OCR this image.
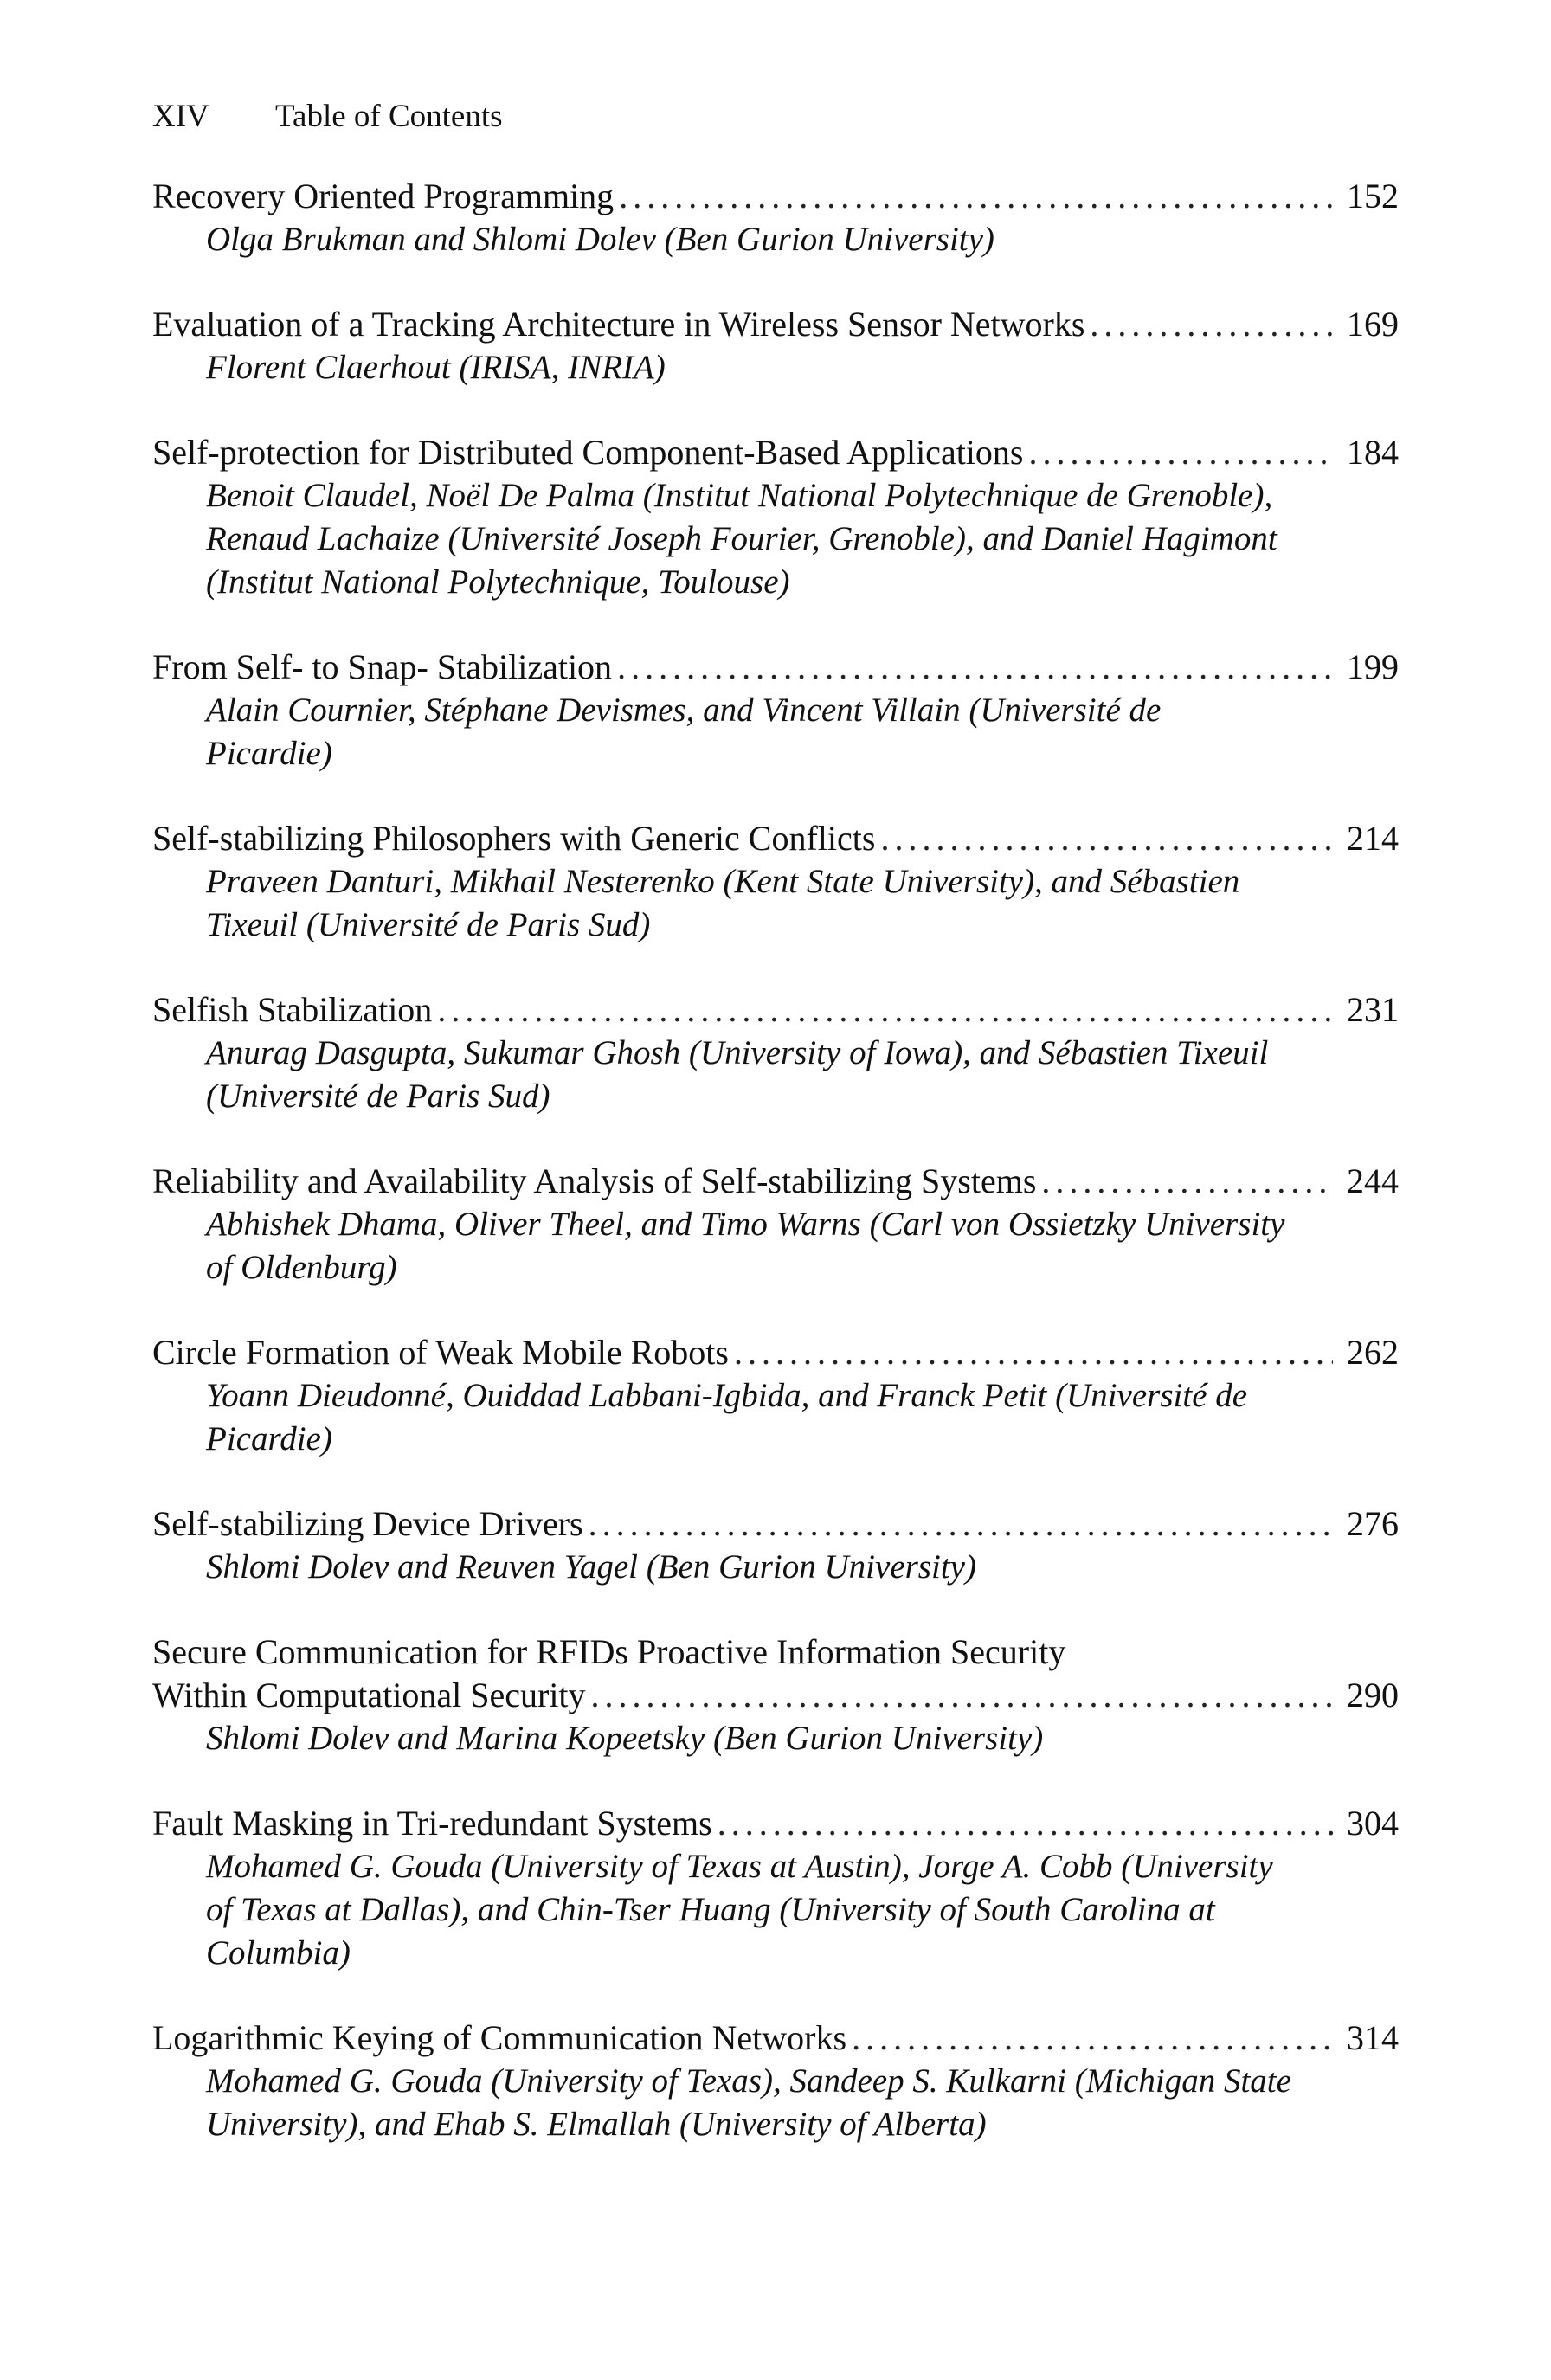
XIV Table of Contents
Recovery Oriented Programming . . .	152
Olga Brukman and Shlomi Dolev (Ben Gurion University)
Evaluation of a Tracking Architecture in Wireless Sensor Networks . . .	169
Florent Claerhout (IRISA, INRIA)
Self-protection for Distributed Component-Based Applications . . .	184
Benoit Claudel, Noël De Palma (Institut National Polytechnique de Grenoble), Renaud Lachaize (Université Joseph Fourier, Grenoble), and Daniel Hagimont (Institut National Polytechnique, Toulouse)
From Self- to Snap- Stabilization . . .	199
Alain Cournier, Stéphane Devismes, and Vincent Villain (Université de Picardie)
Self-stabilizing Philosophers with Generic Conflicts . . .	214
Praveen Danturi, Mikhail Nesterenko (Kent State University), and Sébastien Tixeuil (Université de Paris Sud)
Selfish Stabilization . . .	231
Anurag Dasgupta, Sukumar Ghosh (University of Iowa), and Sébastien Tixeuil (Université de Paris Sud)
Reliability and Availability Analysis of Self-stabilizing Systems . . .	244
Abhishek Dhama, Oliver Theel, and Timo Warns (Carl von Ossietzky University of Oldenburg)
Circle Formation of Weak Mobile Robots . . .	262
Yoann Dieudonné, Ouiddad Labbani-Igbida, and Franck Petit (Université de Picardie)
Self-stabilizing Device Drivers . . .	276
Shlomi Dolev and Reuven Yagel (Ben Gurion University)
Secure Communication for RFIDs Proactive Information Security
Within Computational Security . . .	290
Shlomi Dolev and Marina Kopeetsky (Ben Gurion University)
Fault Masking in Tri-redundant Systems . . .	304
Mohamed G. Gouda (University of Texas at Austin), Jorge A. Cobb (University of Texas at Dallas), and Chin-Tser Huang (University of South Carolina at Columbia)
Logarithmic Keying of Communication Networks . . .	314
Mohamed G. Gouda (University of Texas), Sandeep S. Kulkarni (Michigan State University), and Ehab S. Elmallah (University of Alberta)
